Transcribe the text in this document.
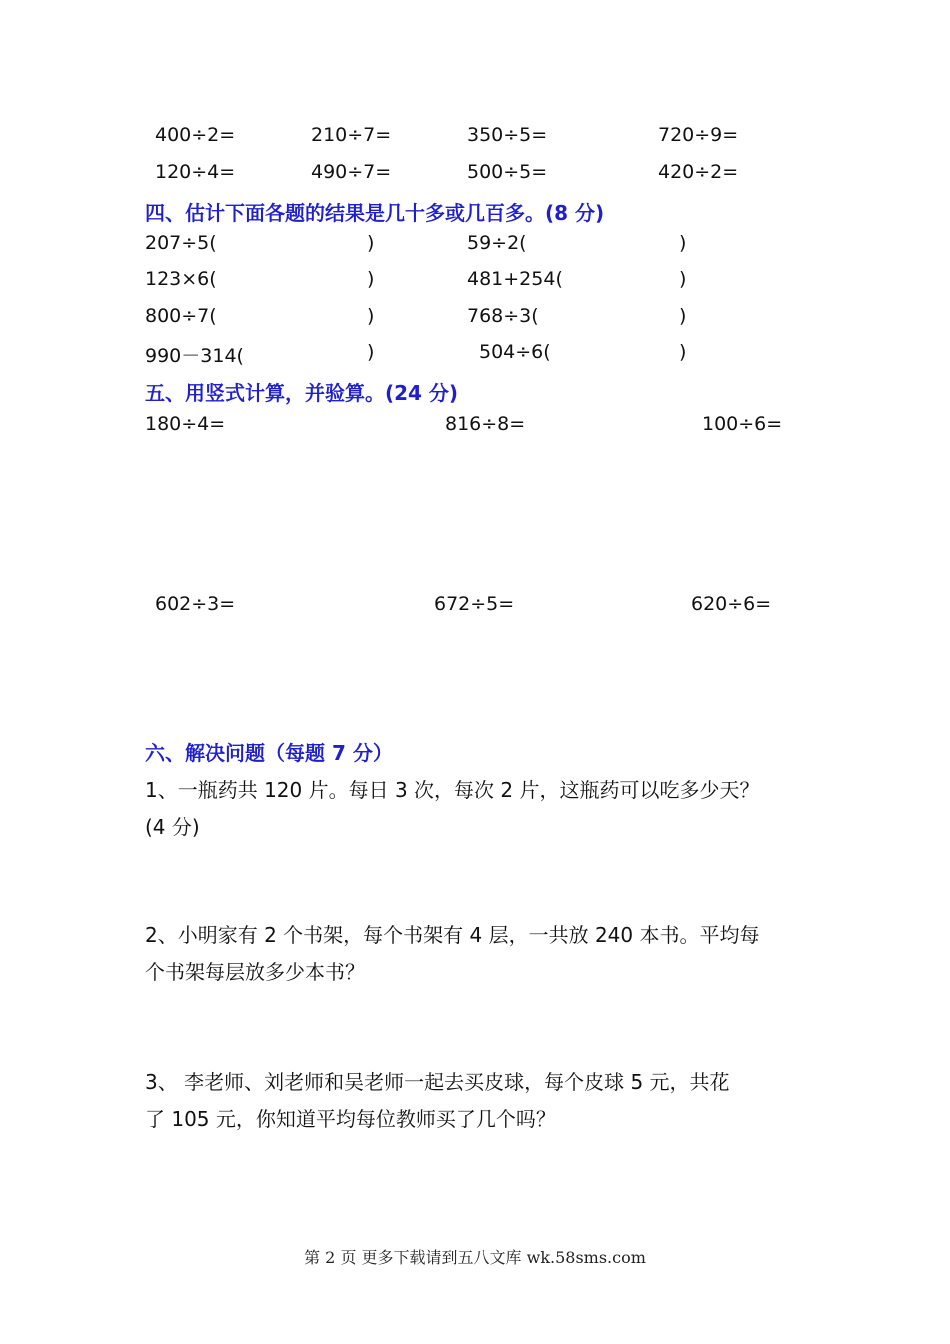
400÷2=	210÷7=	350÷5=	720÷9=
120÷4=	490÷7=	500÷5=	420÷2=
四、估计下面各题的结果是几十多或几百多。(8 分)
207÷5(	)	59÷2(	)
123×6(	)	481+254(	)
800÷7(	)	768÷3(	)
990－314(	)	504÷6(	)
五、用竖式计算，并验算。(24 分)
180÷4=	816÷8=	100÷6=
602÷3=	672÷5=	620÷6=
六、解决问题（每题 7 分）
1、一瓶药共 120 片。每日 3 次，每次 2 片，这瓶药可以吃多少天？
(4 分)
2、小明家有 2 个书架，每个书架有 4 层，一共放 240 本书。平均每
个书架每层放多少本书？
3、 李老师、刘老师和吴老师一起去买皮球，每个皮球 5 元，共花
了 105 元，你知道平均每位教师买了几个吗？
第 2 页 更多下载请到五八文库 wk.58sms.com
